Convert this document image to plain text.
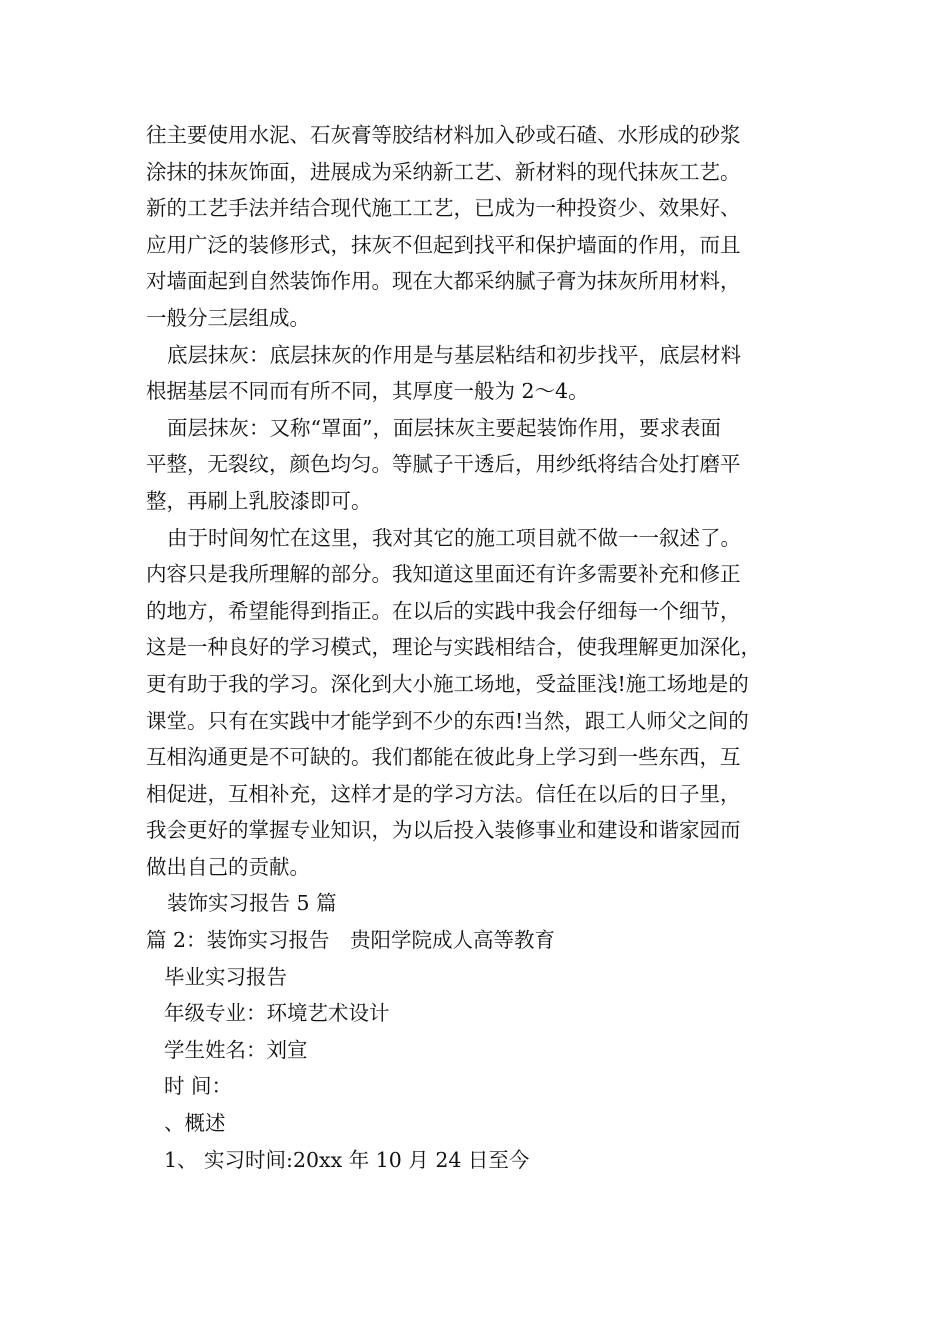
往主要使用水泥、石灰膏等胶结材料加入砂或石碴、水形成的砂浆
涂抹的抹灰饰面，进展成为采纳新工艺、新材料的现代抹灰工艺。
新的工艺手法并结合现代施工工艺，已成为一种投资少、效果好、
应用广泛的装修形式，抹灰不但起到找平和保护墙面的作用，而且
对墙面起到自然装饰作用。现在大都采纳腻子膏为抹灰所用材料，
一般分三层组成。
底层抹灰：底层抹灰的作用是与基层粘结和初步找平，底层材料
根据基层不同而有所不同，其厚度一般为 2～4。
面层抹灰：又称“罩面”，面层抹灰主要起装饰作用，要求表面
平整，无裂纹，颜色均匀。等腻子干透后，用纱纸将结合处打磨平
整，再刷上乳胶漆即可。
由于时间匆忙在这里，我对其它的施工项目就不做一一叙述了。
内容只是我所理解的部分。我知道这里面还有许多需要补充和修正
的地方，希望能得到指正。在以后的实践中我会仔细每一个细节，
这是一种良好的学习模式，理论与实践相结合，使我理解更加深化，
更有助于我的学习。深化到大小施工场地，受益匪浅!施工场地是的
课堂。只有在实践中才能学到不少的东西!当然，跟工人师父之间的
互相沟通更是不可缺的。我们都能在彼此身上学习到一些东西，互
相促进，互相补充，这样才是的学习方法。信任在以后的日子里，
我会更好的掌握专业知识，为以后投入装修事业和建设和谐家园而
做出自己的贡献。
装饰实习报告 5 篇
篇 2：装饰实习报告　贵阳学院成人高等教育
毕业实习报告
年级专业：环境艺术设计
学生姓名：刘宣
时 间：
、概述
1、 实习时间:20xx 年 10 月 24 日至今
